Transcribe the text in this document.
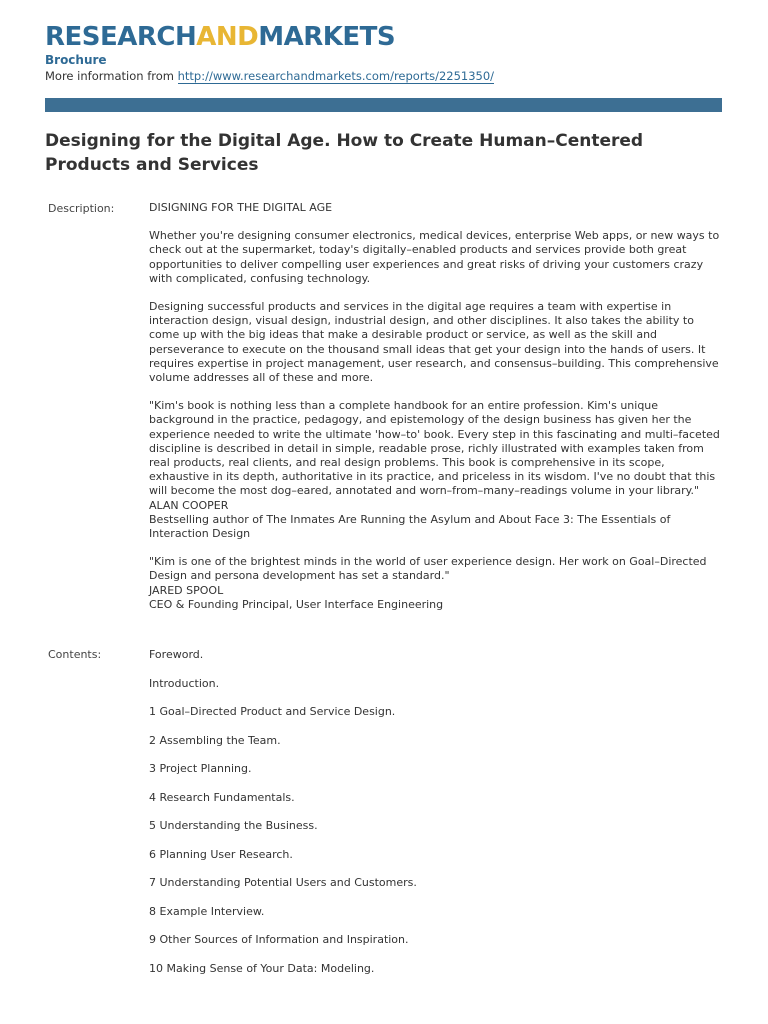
RESEARCHANDMARKETS
Brochure
More information from http://www.researchandmarkets.com/reports/2251350/
Designing for the Digital Age. How to Create Human–Centered Products and Services
Description:	DISIGNING FOR THE DIGITAL AGE

Whether you're designing consumer electronics, medical devices, enterprise Web apps, or new ways to check out at the supermarket, today's digitally–enabled products and services provide both great opportunities to deliver compelling user experiences and great risks of driving your customers crazy with complicated, confusing technology.

Designing successful products and services in the digital age requires a team with expertise in interaction design, visual design, industrial design, and other disciplines. It also takes the ability to come up with the big ideas that make a desirable product or service, as well as the skill and perseverance to execute on the thousand small ideas that get your design into the hands of users. It requires expertise in project management, user research, and consensus–building. This comprehensive volume addresses all of these and more.

"Kim's book is nothing less than a complete handbook for an entire profession. Kim's unique background in the practice, pedagogy, and epistemology of the design business has given her the experience needed to write the ultimate 'how–to' book. Every step in this fascinating and multi–faceted discipline is described in detail in simple, readable prose, richly illustrated with examples taken from real products, real clients, and real design problems. This book is comprehensive in its scope, exhaustive in its depth, authoritative in its practice, and priceless in its wisdom. I've no doubt that this will become the most dog–eared, annotated and worn–from–many–readings volume in your library."

ALAN COOPER

Bestselling author of The Inmates Are Running the Asylum and About Face 3: The Essentials of Interaction Design

"Kim is one of the brightest minds in the world of user experience design. Her work on Goal–Directed Design and persona development has set a standard."

JARED SPOOL
CEO & Founding Principal, User Interface Engineering
Contents:	Foreword.
Introduction.
1 Goal–Directed Product and Service Design.
2 Assembling the Team.
3 Project Planning.
4 Research Fundamentals.
5 Understanding the Business.
6 Planning User Research.
7 Understanding Potential Users and Customers.
8 Example Interview.
9 Other Sources of Information and Inspiration.
10 Making Sense of Your Data: Modeling.
